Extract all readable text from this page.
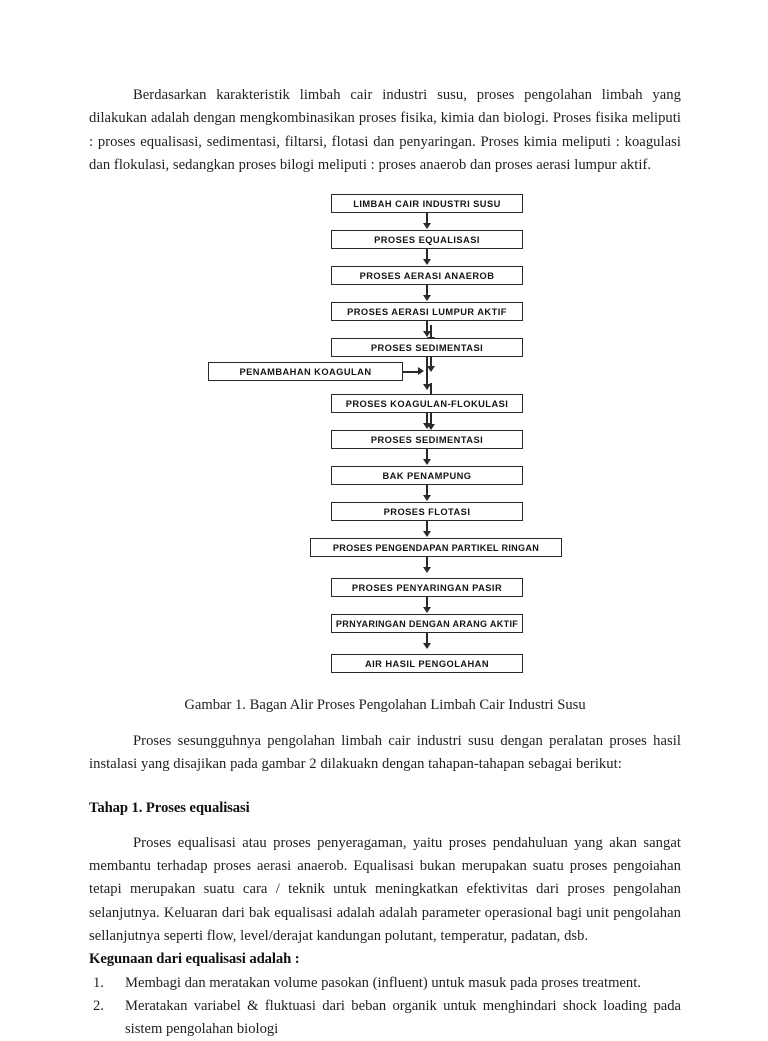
Berdasarkan karakteristik limbah cair industri susu, proses pengolahan limbah yang dilakukan adalah dengan mengkombinasikan proses fisika, kimia dan biologi. Proses fisika meliputi : proses equalisasi, sedimentasi, filtarsi, flotasi dan penyaringan. Proses kimia meliputi : koagulasi dan flokulasi, sedangkan proses bilogi meliputi : proses anaerob dan proses aerasi lumpur aktif.

LIMBAH CAIR INDUSTRI SUSU
PROSES EQUALISASI
PROSES AERASI ANAEROB
PROSES AERASI LUMPUR AKTIF
PROSES SEDIMENTASI
PENAMBAHAN KOAGULAN
PROSES KOAGULAN-FLOKULASI
PROSES SEDIMENTASI
BAK PENAMPUNG
PROSES FLOTASI
PROSES PENGENDAPAN PARTIKEL RINGAN
PROSES PENYARINGAN PASIR
PRNYARINGAN DENGAN ARANG AKTIF
AIR HASIL PENGOLAHAN
Gambar 1. Bagan Alir Proses Pengolahan Limbah Cair Industri Susu

Proses sesungguhnya pengolahan limbah cair industri susu dengan peralatan proses hasil instalasi yang disajikan pada gambar 2 dilakuakn dengan tahapan-tahapan sebagai berikut:

Tahap 1. Proses equalisasi

Proses equalisasi atau proses penyeragaman, yaitu proses pendahuluan yang akan sangat membantu terhadap proses aerasi anaerob. Equalisasi bukan merupakan suatu proses pengoiahan tetapi merupakan suatu cara / teknik untuk meningkatkan efektivitas dari proses pengolahan selanjutnya. Keluaran dari bak equalisasi adalah adalah parameter operasional bagi unit pengolahan sellanjutnya seperti flow, level/derajat kandungan polutant, temperatur, padatan, dsb.

Kegunaan dari equalisasi adalah :
1.	Membagi dan meratakan volume pasokan (influent) untuk masuk pada proses treatment.
2.	Meratakan variabel & fluktuasi dari beban organik untuk menghindari shock loading pada sistem pengolahan biologi
